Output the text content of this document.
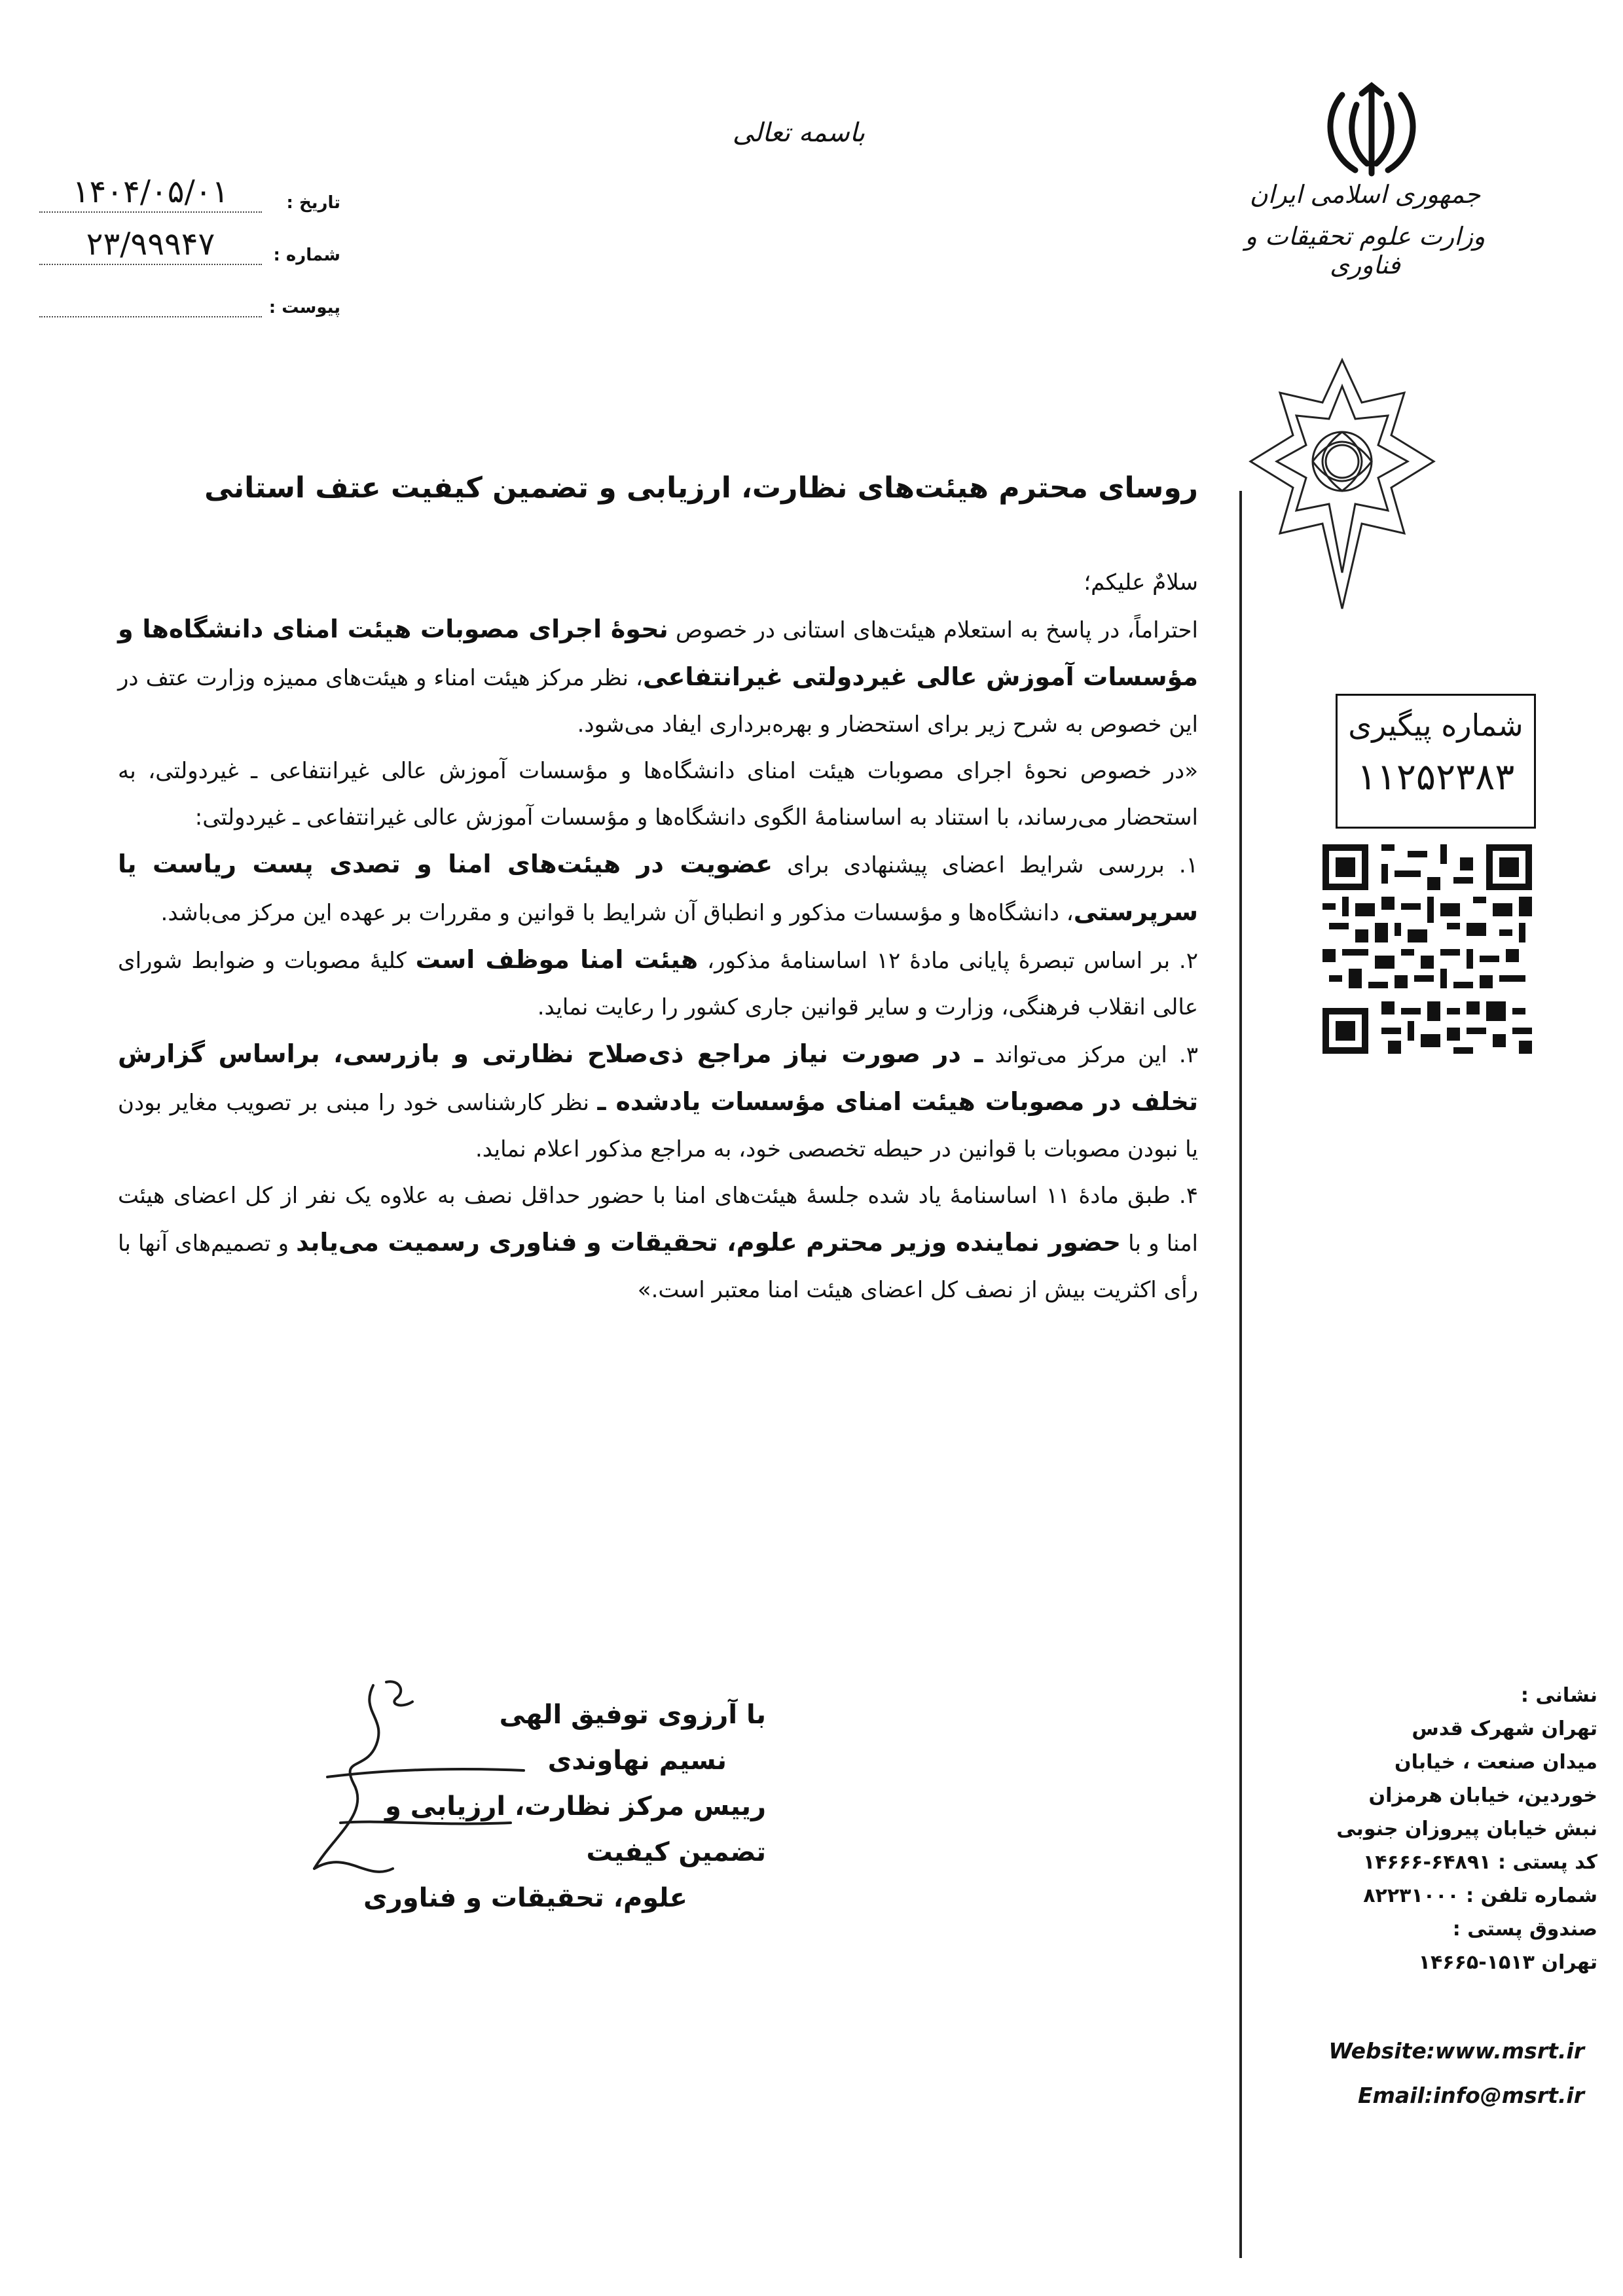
باسمه تعالی
جمهوری اسلامی ایران
وزارت علوم تحقیقات و فناوری
تاریخ :
۱۴۰۴/۰۵/۰۱
شماره :
۲۳/۹۹۹۴۷
پیوست :
شماره پیگیری
۱۱۲۵۲۳۸۳
نشانی :
تهران شهرک قدس
میدان صنعت ، خیابان
خوردین، خیابان هرمزان
نبش خیابان پیروزان جنوبی
کد پستی : ۶۴۸۹۱-۱۴۶۶۶
شماره تلفن : ۸۲۲۳۱۰۰۰
صندوق پستی :
تهران ۱۵۱۳-۱۴۶۶۵
Website:www.msrt.ir
Email:info@msrt.ir
روسای محترم هیئت‌های نظارت، ارزیابی و تضمین کیفیت عتف استانی

سلامٌ علیکم؛

احتراماً، در پاسخ به استعلام هیئت‌های استانی در خصوص نحوهٔ اجرای مصوبات هیئت امنای دانشگاه‌ها و مؤسسات آموزش عالی غیردولتی غیرانتفاعی، نظر مرکز هیئت امناء و هیئت‌های ممیزه وزارت عتف در این خصوص به شرح زیر برای استحضار و بهره‌برداری ایفاد می‌شود.

«در خصوص نحوهٔ اجرای مصوبات هیئت امنای دانشگاه‌ها و مؤسسات آموزش عالی غیرانتفاعی ـ غیردولتی، به استحضار می‌رساند، با استناد به اساسنامهٔ الگوی دانشگاه‌ها و مؤسسات آموزش عالی غیرانتفاعی ـ غیردولتی:

۱. بررسی شرایط اعضای پیشنهادی برای عضویت در هیئت‌های امنا و تصدی پست ریاست یا سرپرستی، دانشگاه‌ها و مؤسسات مذکور و انطباق آن شرایط با قوانین و مقررات بر عهده این مرکز می‌باشد.

۲. بر اساس تبصرهٔ پایانی مادهٔ ۱۲ اساسنامهٔ مذکور، هیئت امنا موظف است کلیهٔ مصوبات و ضوابط شورای عالی انقلاب فرهنگی، وزارت و سایر قوانین جاری کشور را رعایت نماید.

۳. این مرکز می‌تواند ـ در صورت نیاز مراجع ذی‌صلاح نظارتی و بازرسی، براساس گزارش تخلف در مصوبات هیئت امنای مؤسسات یادشده ـ نظر کارشناسی خود را مبنی بر تصویب مغایر بودن یا نبودن مصوبات با قوانین در حیطه تخصصی خود، به مراجع مذکور اعلام نماید.

۴. طبق مادهٔ ۱۱ اساسنامهٔ یاد شده جلسهٔ هیئت‌های امنا با حضور حداقل نصف به علاوه یک نفر از کل اعضای هیئت امنا و با حضور نماینده وزیر محترم علوم، تحقیقات و فناوری رسمیت می‌یابد و تصمیم‌های آنها با رأی اکثریت بیش از نصف کل اعضای هیئت امنا معتبر است.»

با آرزوی توفیق الهی
نسیم نهاوندی
رییس مرکز نظارت، ارزیابی و تضمین کیفیت
علوم، تحقیقات و فناوری
